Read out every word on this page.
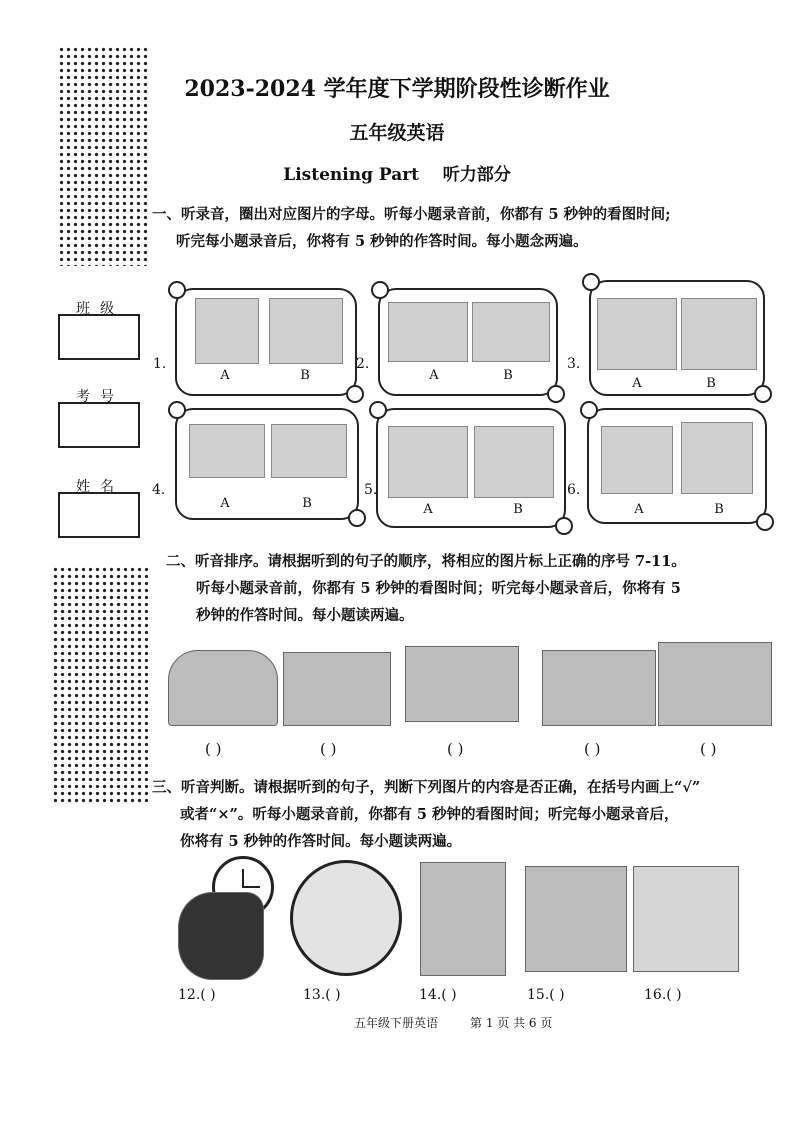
班级
考号
姓名
2023-2024 学年度下学期阶段性诊断作业
五年级英语
Listening Part 听力部分
一、听录音，圈出对应图片的字母。听每小题录音前，你都有 5 秒钟的看图时间;
听完每小题录音后，你将有 5 秒钟的作答时间。每小题念两遍。
1.
A	B
2.
A	B
3.
A	B
4.
A	B
5.
A	B
6.
A	B
二、听音排序。请根据听到的句子的顺序，将相应的图片标上正确的序号 7-11。
听每小题录音前，你都有 5 秒钟的看图时间；听完每小题录音后，你将有 5
秒钟的作答时间。每小题读两遍。
( )	( )	( )	( )	( )
三、听音判断。请根据听到的句子，判断下列图片的内容是否正确，在括号内画上“√”
或者“×”。听每小题录音前，你都有 5 秒钟的看图时间；听完每小题录音后，
你将有 5 秒钟的作答时间。每小题读两遍。
12.( )	13.( )	14.( )	15.( )	16.( )
五年级下册英语	第 1 页 共 6 页
